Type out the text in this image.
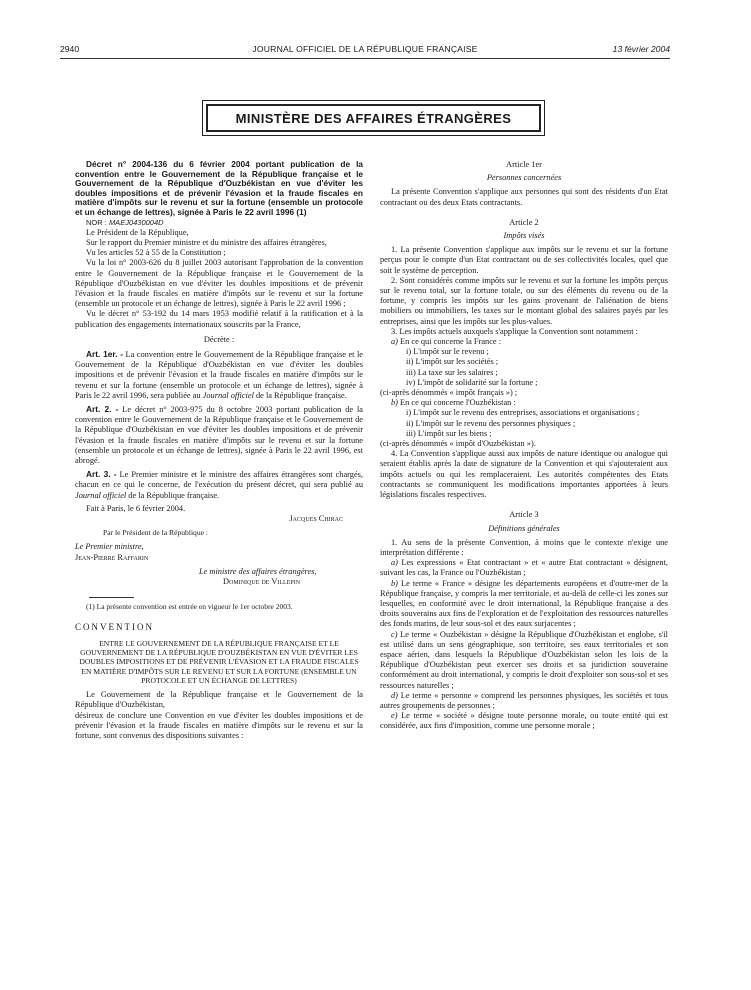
2940	JOURNAL OFFICIEL DE LA RÉPUBLIQUE FRANÇAISE	13 février 2004
MINISTÈRE DES AFFAIRES ÉTRANGÈRES

Décret n° 2004-136 du 6 février 2004 portant publication de la convention entre le Gouvernement de la République française et le Gouvernement de la République d'Ouzbékistan en vue d'éviter les doubles impositions et de prévenir l'évasion et la fraude fiscales en matière d'impôts sur le revenu et sur la fortune (ensemble un protocole et un échange de lettres), signée à Paris le 22 avril 1996 (1)

NOR : MAEJ0430004D

Le Président de la République,

Sur le rapport du Premier ministre et du ministre des affaires étrangères,

Vu les articles 52 à 55 de la Constitution ;

Vu la loi n° 2003-626 du 8 juillet 2003 autorisant l'approbation de la convention entre le Gouvernement de la République française et le Gouvernement de la République d'Ouzbékistan en vue d'éviter les doubles impositions et de prévenir l'évasion et la fraude fiscales en matière d'impôts sur le revenu et sur la fortune (ensemble un protocole et un échange de lettres), signée à Paris le 22 avril 1996 ;

Vu le décret n° 53-192 du 14 mars 1953 modifié relatif à la ratification et à la publication des engagements internationaux souscrits par la France,

Décrète :

Art. 1er. - La convention entre le Gouvernement de la République française et le Gouvernement de la République d'Ouzbékistan en vue d'éviter les doubles impositions et de prévenir l'évasion et la fraude fiscales en matière d'impôts sur le revenu et sur la fortune (ensemble un protocole et un échange de lettres), signée à Paris le 22 avril 1996, sera publiée au Journal officiel de la République française.

Art. 2. - Le décret n° 2003-975 du 8 octobre 2003 portant publication de la convention entre le Gouvernement de la République française et le Gouvernement de la République d'Ouzbékistan en vue d'éviter les doubles impositions et de prévenir l'évasion et la fraude fiscales en matière d'impôts sur le revenu et sur la fortune (ensemble un protocole et un échange de lettres), signée à Paris le 22 avril 1996, est abrogé.

Art. 3. - Le Premier ministre et le ministre des affaires étrangères sont chargés, chacun en ce qui le concerne, de l'exécution du présent décret, qui sera publié au Journal officiel de la République française.

Fait à Paris, le 6 février 2004.

Jacques Chirac

Par le Président de la République :

Le Premier ministre,

Jean-Pierre Raffarin

Le ministre des affaires étrangères,

Dominique de Villepin

(1) La présente convention est entrée en vigueur le 1er octobre 2003.

CONVENTION

ENTRE LE GOUVERNEMENT DE LA RÉPUBLIQUE FRANÇAISE ET LE GOUVERNEMENT DE LA RÉPUBLIQUE D'OUZBÉKISTAN EN VUE D'ÉVITER LES DOUBLES IMPOSITIONS ET DE PRÉVENIR L'ÉVASION ET LA FRAUDE FISCALES EN MATIÈRE D'IMPÔTS SUR LE REVENU ET SUR LA FORTUNE (ENSEMBLE UN PROTOCOLE ET UN ÉCHANGE DE LETTRES)

Le Gouvernement de la République française et le Gouvernement de la République d'Ouzbékistan,

désireux de conclure une Convention en vue d'éviter les doubles impositions et de prévenir l'évasion et la fraude fiscales en matière d'impôts sur le revenu et sur la fortune, sont convenus des dispositions suivantes :

Article 1er

Personnes concernées

La présente Convention s'applique aux personnes qui sont des résidents d'un Etat contractant ou des deux Etats contractants.

Article 2

Impôts visés

1. La présente Convention s'applique aux impôts sur le revenu et sur la fortune perçus pour le compte d'un Etat contractant ou de ses collectivités locales, quel que soit le système de perception.

2. Sont considérés comme impôts sur le revenu et sur la fortune les impôts perçus sur le revenu total, sur la fortune totale, ou sur des éléments du revenu ou de la fortune, y compris les impôts sur les gains provenant de l'aliénation de biens mobiliers ou immobiliers, les taxes sur le montant global des salaires payés par les entreprises, ainsi que les impôts sur les plus-values.

3. Les impôts actuels auxquels s'applique la Convention sont notamment :

a) En ce qui concerne la France :

i) L'impôt sur le revenu ;

ii) L'impôt sur les sociétés ;

iii) La taxe sur les salaires ;

iv) L'impôt de solidarité sur la fortune ;

(ci-après dénommés « impôt français ») ;

b) En ce qui concerne l'Ouzbékistan :

i) L'impôt sur le revenu des entreprises, associations et organisations ;

ii) L'impôt sur le revenu des personnes physiques ;

iii) L'impôt sur les biens ;

(ci-après dénommés « impôt d'Ouzbékistan »).

4. La Convention s'applique aussi aux impôts de nature identique ou analogue qui seraient établis après la date de signature de la Convention et qui s'ajouteraient aux impôts actuels ou qui les remplaceraient. Les autorités compétentes des Etats contractants se communiquent les modifications importantes apportées à leurs législations fiscales respectives.

Article 3

Définitions générales

1. Au sens de la présente Convention, à moins que le contexte n'exige une interprétation différente :

a) Les expressions « Etat contractant » et « autre Etat contractant » désignent, suivant les cas, la France ou l'Ouzbékistan ;

b) Le terme « France » désigne les départements européens et d'outre-mer de la République française, y compris la mer territoriale, et au-delà de celle-ci les zones sur lesquelles, en conformité avec le droit international, la République française a des droits souverains aux fins de l'exploration et de l'exploitation des ressources naturelles des fonds marins, de leur sous-sol et des eaux surjacentes ;

c) Le terme « Ouzbékistan » désigne la République d'Ouzbékistan et englobe, s'il est utilisé dans un sens géographique, son territoire, ses eaux territoriales et son espace aérien, dans lesquels la République d'Ouzbékistan selon les lois de la République d'Ouzbékistan peut exercer ses droits et sa juridiction souveraine conformément au droit international, y compris le droit d'exploiter son sous-sol et ses ressources naturelles ;

d) Le terme « personne » comprend les personnes physiques, les sociétés et tous autres groupements de personnes ;

e) Le terme « société » désigne toute personne morale, ou toute entité qui est considérée, aux fins d'imposition, comme une personne morale ;
